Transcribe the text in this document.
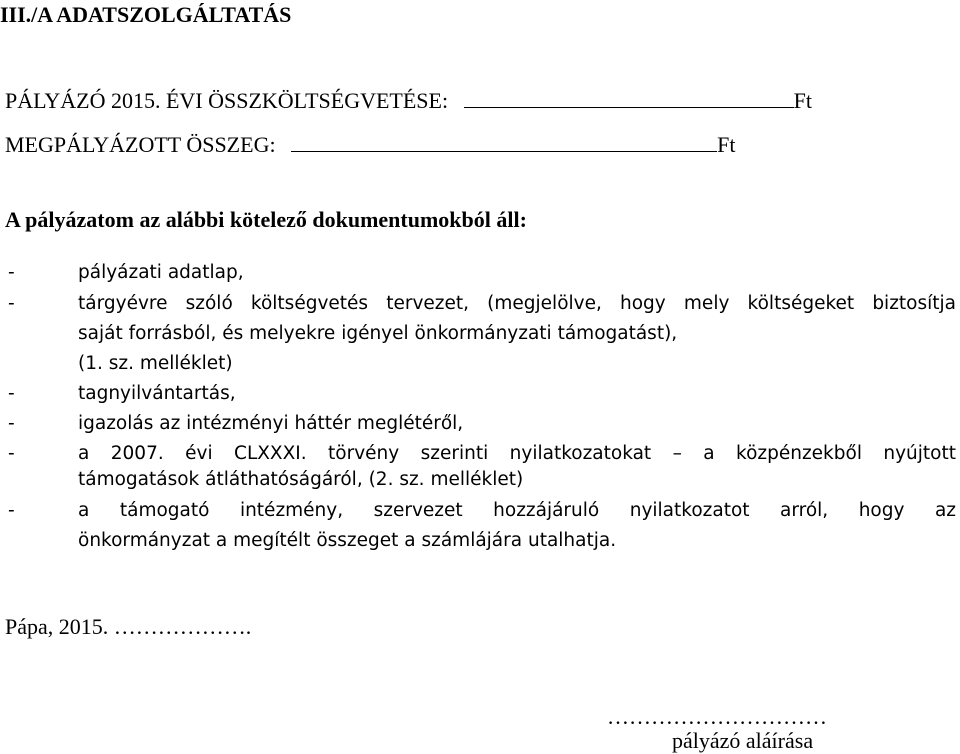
III./A ADATSZOLGÁLTATÁS
PÁLYÁZÓ 2015. ÉVI ÖSSZKÖLTSÉGVETÉSE:	Ft
MEGPÁLYÁZOTT ÖSSZEG:	Ft
A pályázatom az alábbi kötelező dokumentumokból áll:
-	pályázati adatlap,
-	tárgyévre szóló költségvetés tervezet, (megjelölve, hogy mely költségeket biztosítja
saját forrásból, és melyekre igényel önkormányzati támogatást),
(1. sz. melléklet)
-	tagnyilvántartás,
-	igazolás az intézményi háttér meglétéről,
-	a 2007. évi CLXXXI. törvény szerinti nyilatkozatokat – a közpénzekből nyújtott
támogatások átláthatóságáról, (2. sz. melléklet)
-	a támogató intézmény, szervezet hozzájáruló nyilatkozatot arról, hogy az
önkormányzat a megítélt összeget a számlájára utalhatja.
Pápa, 2015. ……………….
…………………………
pályázó aláírása
